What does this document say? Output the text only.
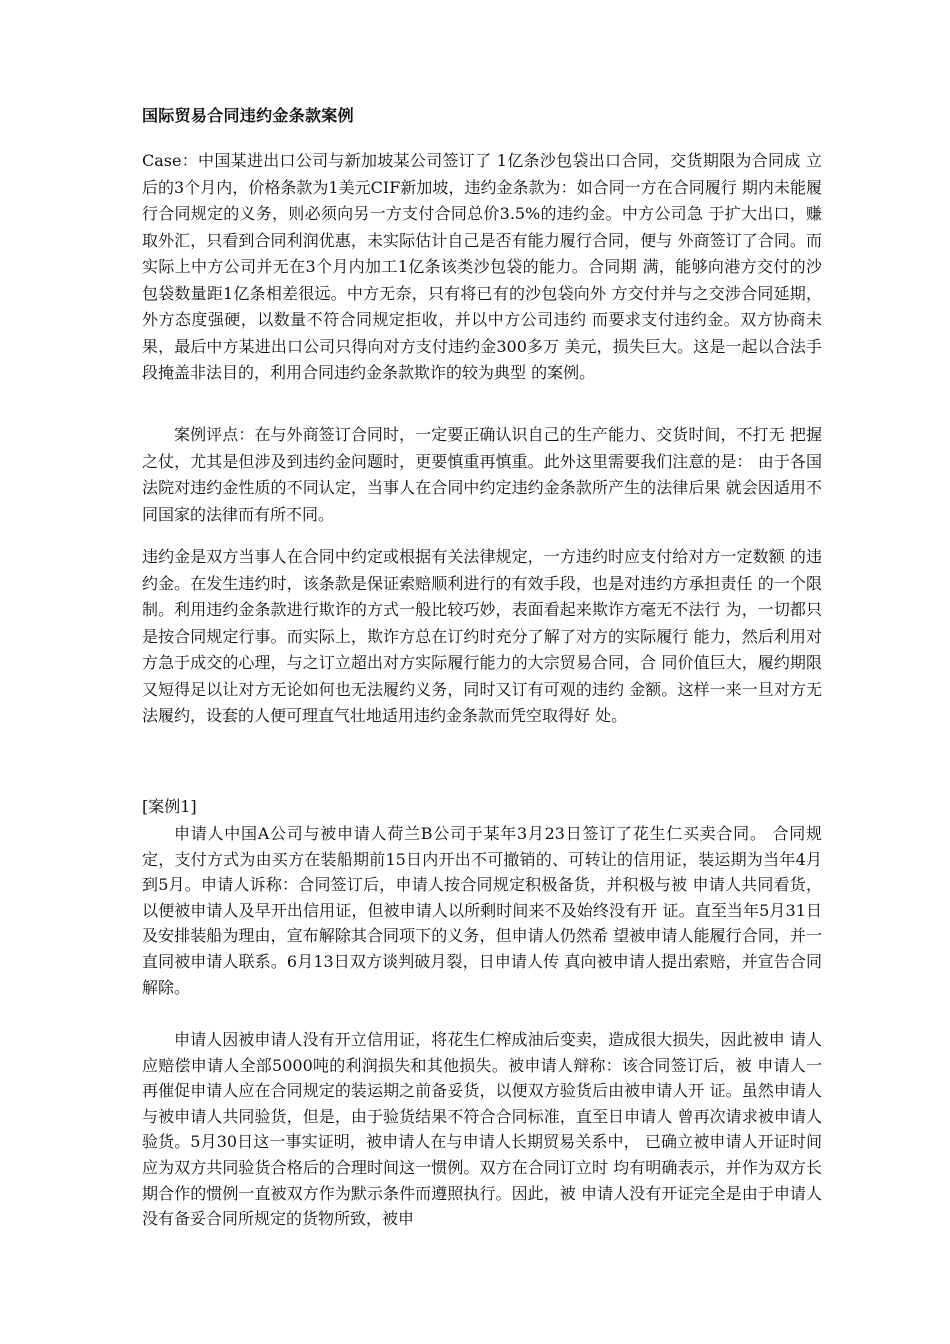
国际贸易合同违约金条款案例
Case：中国某进出口公司与新加坡某公司签订了 1亿条沙包袋出口合同，交货期限为合同成 立后的3个月内，价格条款为1美元CIF新加坡，违约金条款为：如合同一方在合同履行 期内未能履行合同规定的义务，则必须向另一方支付合同总价3.5%的违约金。中方公司急 于扩大出口，赚取外汇，只看到合同利润优惠，未实际估计自己是否有能力履行合同，便与 外商签订了合同。而实际上中方公司并无在3个月内加工1亿条该类沙包袋的能力。合同期 满，能够向港方交付的沙包袋数量距1亿条相差很远。中方无奈，只有将已有的沙包袋向外 方交付并与之交涉合同延期，外方态度强硬，以数量不符合同规定拒收，并以中方公司违约 而要求支付违约金。双方协商未果，最后中方某进出口公司只得向对方支付违约金300多万 美元，损失巨大。这是一起以合法手段掩盖非法目的，利用合同违约金条款欺诈的较为典型 的案例。
案例评点：在与外商签订合同时，一定要正确认识自己的生产能力、交货时间，不打无 把握之仗，尤其是但涉及到违约金问题时，更要慎重再慎重。此外这里需要我们注意的是： 由于各国法院对违约金性质的不同认定，当事人在合同中约定违约金条款所产生的法律后果 就会因适用不同国家的法律而有所不同。
违约金是双方当事人在合同中约定或根据有关法律规定，一方违约时应支付给对方一定数额 的违约金。在发生违约时，该条款是保证索赔顺利进行的有效手段，也是对违约方承担责任 的一个限制。利用违约金条款进行欺诈的方式一般比较巧妙，表面看起来欺诈方毫无不法行 为，一切都只是按合同规定行事。而实际上，欺诈方总在订约时充分了解了对方的实际履行 能力，然后利用对方急于成交的心理，与之订立超出对方实际履行能力的大宗贸易合同，合 同价值巨大，履约期限又短得足以让对方无论如何也无法履约义务，同时又订有可观的违约 金额。这样一来一旦对方无法履约，设套的人便可理直气壮地适用违约金条款而凭空取得好 处。
[案例1]
申请人中国A公司与被申请人荷兰B公司于某年3月23日签订了花生仁买卖合同。 合同规定，支付方式为由买方在装船期前15日内开出不可撤销的、可转让的信用证，装运期为当年4月到5月。申请人诉称：合同签订后，申请人按合同规定积极备货，并积极与被 申请人共同看货，以便被申请人及早开出信用证，但被申请人以所剩时间来不及始终没有开 证。直至当年5月31日及安排装船为理由，宣布解除其合同项下的义务，但申请人仍然希 望被申请人能履行合同，并一直同被申请人联系。6月13日双方谈判破月裂，日申请人传 真向被申请人提出索赔，并宣告合同解除。
申请人因被申请人没有开立信用证，将花生仁榨成油后变卖，造成很大损失，因此被申 请人应赔偿申请人全部5000吨的利润损失和其他损失。被申请人辩称：该合同签订后，被 申请人一再催促申请人应在合同规定的装运期之前备妥货，以便双方验货后由被申请人开 证。虽然申请人与被申请人共同验货，但是，由于验货结果不符合合同标准，直至日申请人 曾再次请求被申请人验货。5月30日这一事实证明，被申请人在与申请人长期贸易关系中， 已确立被申请人开证时间应为双方共同验货合格后的合理时间这一惯例。双方在合同订立时 均有明确表示，并作为双方长期合作的惯例一直被双方作为默示条件而遵照执行。因此，被 申请人没有开证完全是由于申请人没有备妥合同所规定的货物所致，被申
